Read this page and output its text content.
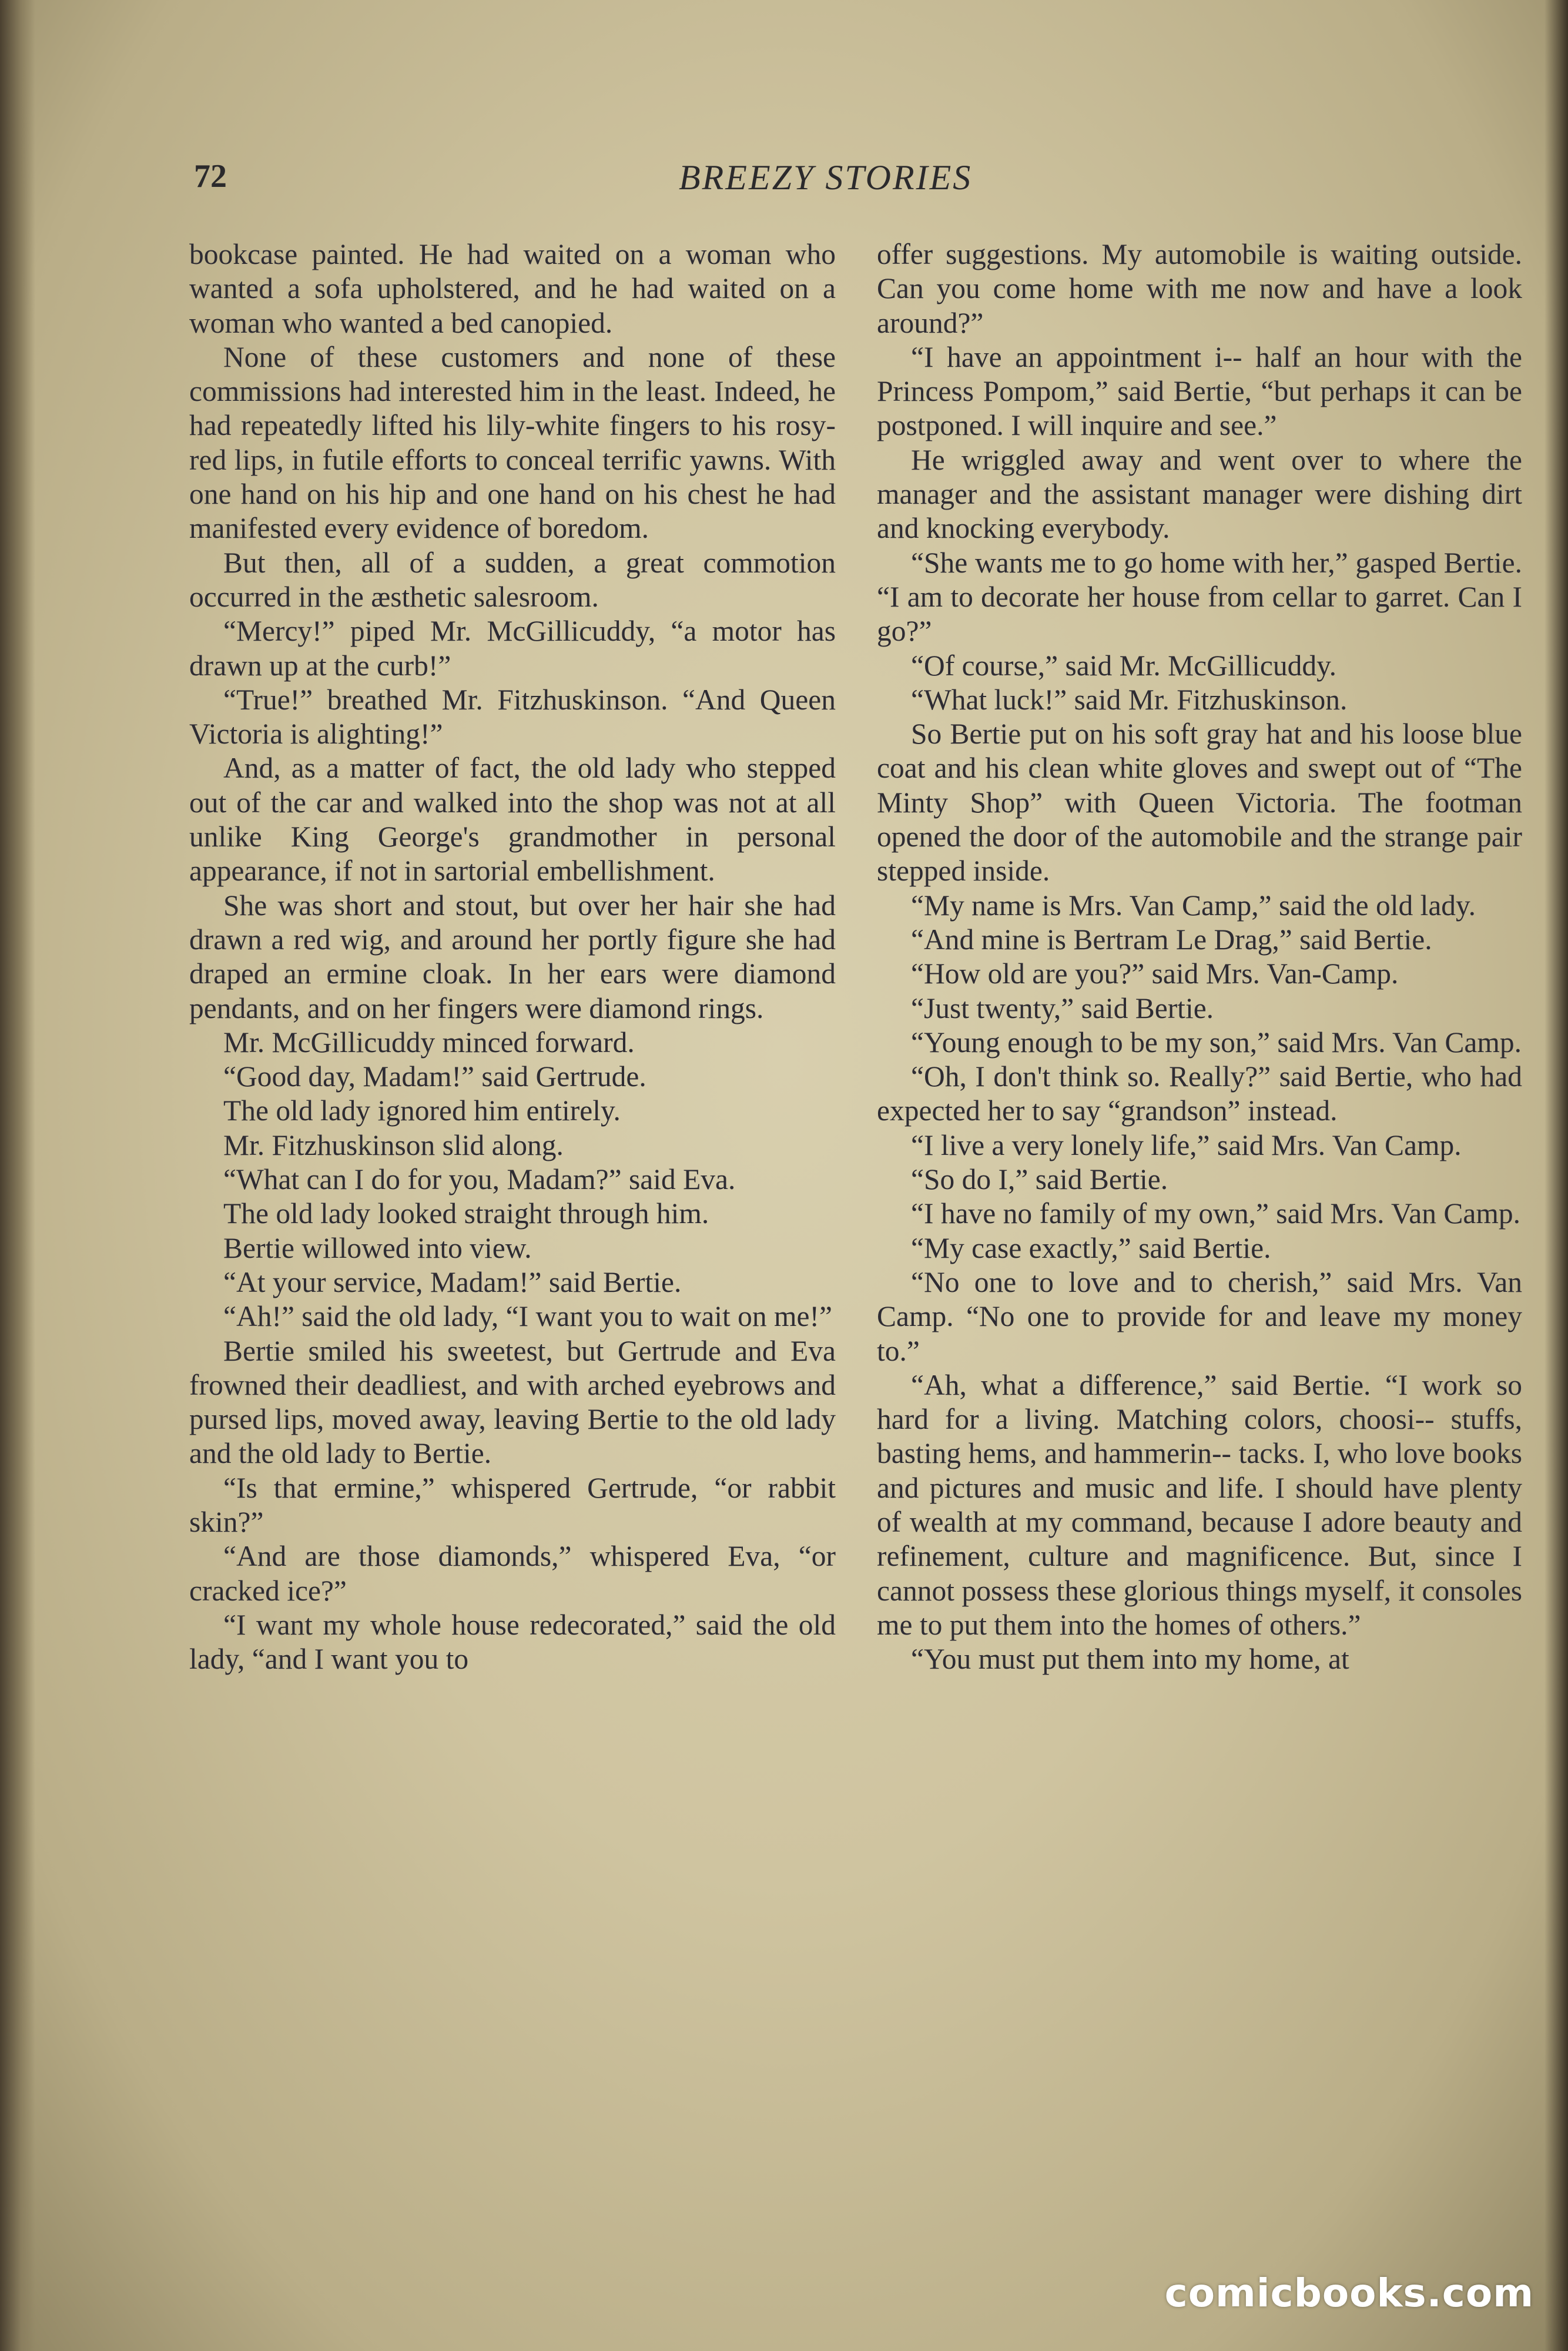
72	BREEZY STORIES

bookcase painted. He had waited on a woman who wanted a sofa upholstered, and he had waited on a woman who wanted a bed canopied.

None of these customers and none of these commissions had interested him in the least. Indeed, he had repeatedly lifted his lily-white fingers to his rosy-red lips, in futile efforts to conceal terrific yawns. With one hand on his hip and one hand on his chest he had manifested every evidence of boredom.

But then, all of a sudden, a great commotion occurred in the æsthetic salesroom.

“Mercy!” piped Mr. McGillicuddy, “a motor has drawn up at the curb!”

“True!” breathed Mr. Fitzhuskinson. “And Queen Victoria is alighting!”

And, as a matter of fact, the old lady who stepped out of the car and walked into the shop was not at all unlike King George's grandmother in personal appearance, if not in sartorial embellishment.

She was short and stout, but over her hair she had drawn a red wig, and around her portly figure she had draped an ermine cloak. In her ears were diamond pendants, and on her fingers were diamond rings.

Mr. McGillicuddy minced forward.

“Good day, Madam!” said Gertrude.

The old lady ignored him entirely.

Mr. Fitzhuskinson slid along.

“What can I do for you, Madam?” said Eva.

The old lady looked straight through him.

Bertie willowed into view.

“At your service, Madam!” said Bertie.

“Ah!” said the old lady, “I want you to wait on me!”

Bertie smiled his sweetest, but Gertrude and Eva frowned their deadliest, and with arched eyebrows and pursed lips, moved away, leaving Bertie to the old lady and the old lady to Bertie.

“Is that ermine,” whispered Gertrude, “or rabbit skin?”

“And are those diamonds,” whispered Eva, “or cracked ice?”

“I want my whole house redecorated,” said the old lady, “and I want you to

offer suggestions. My automobile is waiting outside. Can you come home with me now and have a look around?”

“I have an appointment i-- half an hour with the Princess Pompom,” said Bertie, “but perhaps it can be postponed. I will inquire and see.”

He wriggled away and went over to where the manager and the assistant manager were dishing dirt and knocking everybody.

“She wants me to go home with her,” gasped Bertie. “I am to decorate her house from cellar to garret. Can I go?”

“Of course,” said Mr. McGillicuddy.

“What luck!” said Mr. Fitzhuskinson.

So Bertie put on his soft gray hat and his loose blue coat and his clean white gloves and swept out of “The Minty Shop” with Queen Victoria. The footman opened the door of the automobile and the strange pair stepped inside.

“My name is Mrs. Van Camp,” said the old lady.

“And mine is Bertram Le Drag,” said Bertie.

“How old are you?” said Mrs. Van-Camp.

“Just twenty,” said Bertie.

“Young enough to be my son,” said Mrs. Van Camp.

“Oh, I don't think so. Really?” said Bertie, who had expected her to say “grandson” instead.

“I live a very lonely life,” said Mrs. Van Camp.

“So do I,” said Bertie.

“I have no family of my own,” said Mrs. Van Camp.

“My case exactly,” said Bertie.

“No one to love and to cherish,” said Mrs. Van Camp. “No one to provide for and leave my money to.”

“Ah, what a difference,” said Bertie. “I work so hard for a living. Matching colors, choosi-- stuffs, basting hems, and hammerin-- tacks. I, who love books and pictures and music and life. I should have plenty of wealth at my command, because I adore beauty and refinement, culture and magnificence. But, since I cannot possess these glorious things myself, it consoles me to put them into the homes of others.”

“You must put them into my home, at

comicbooks.com
